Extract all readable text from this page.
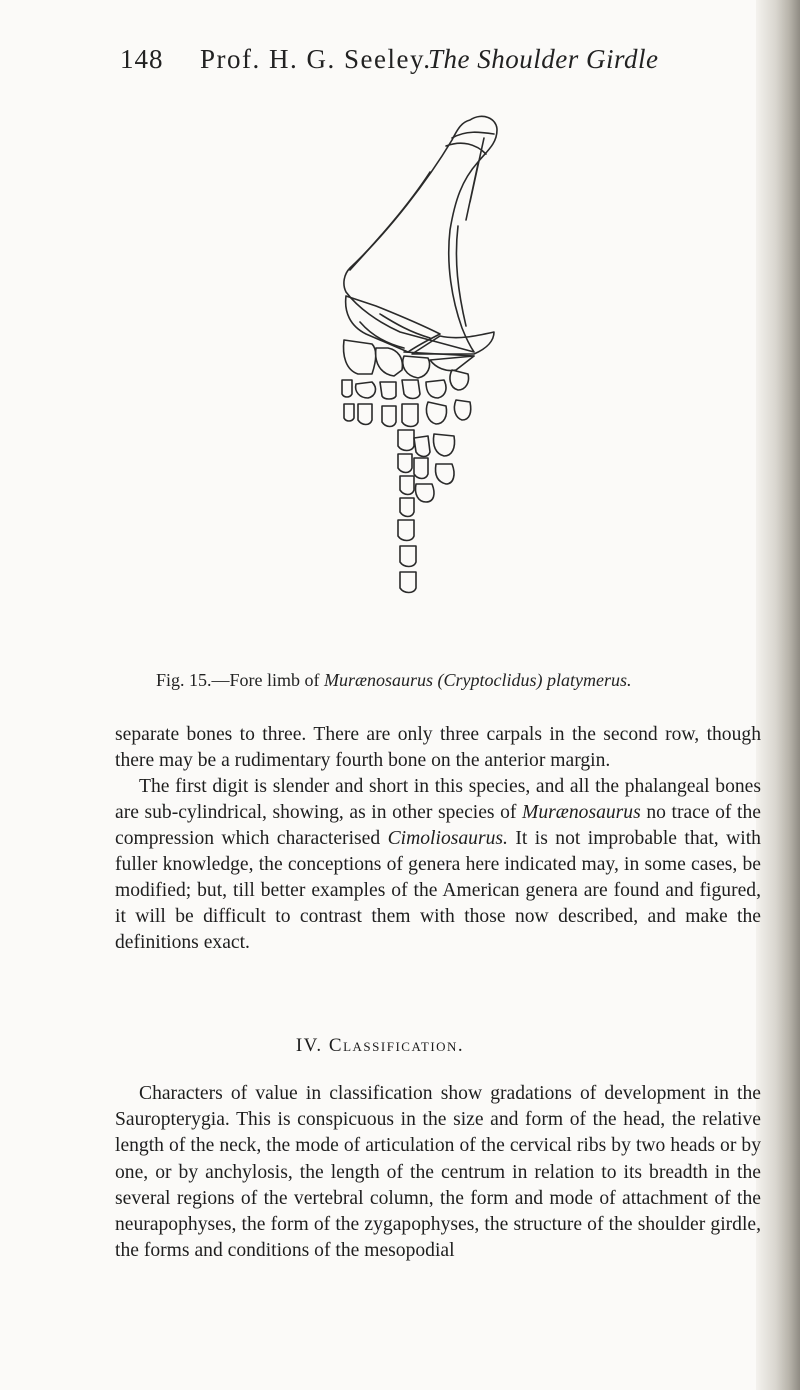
148 Prof. H. G. Seeley.
The Shoulder Girdle
Fig. 15.—Fore limb of Murænosaurus (Cryptoclidus) platymerus.

separate bones to three. There are only three carpals in the second row, though there may be a rudimentary fourth bone on the anterior margin.

The first digit is slender and short in this species, and all the phalangeal bones are sub-cylindrical, showing, as in other species of Murænosaurus no trace of the compression which characterised Cimoliosaurus. It is not improbable that, with fuller knowledge, the conceptions of genera here indicated may, in some cases, be modified; but, till better examples of the American genera are found and figured, it will be difficult to contrast them with those now described, and make the definitions exact.

IV. Classification.

Characters of value in classification show gradations of development in the Sauropterygia. This is conspicuous in the size and form of the head, the relative length of the neck, the mode of articulation of the cervical ribs by two heads or by one, or by anchylosis, the length of the centrum in relation to its breadth in the several regions of the vertebral column, the form and mode of attachment of the neurapophyses, the form of the zygapophyses, the structure of the shoulder girdle, the forms and conditions of the mesopodial
